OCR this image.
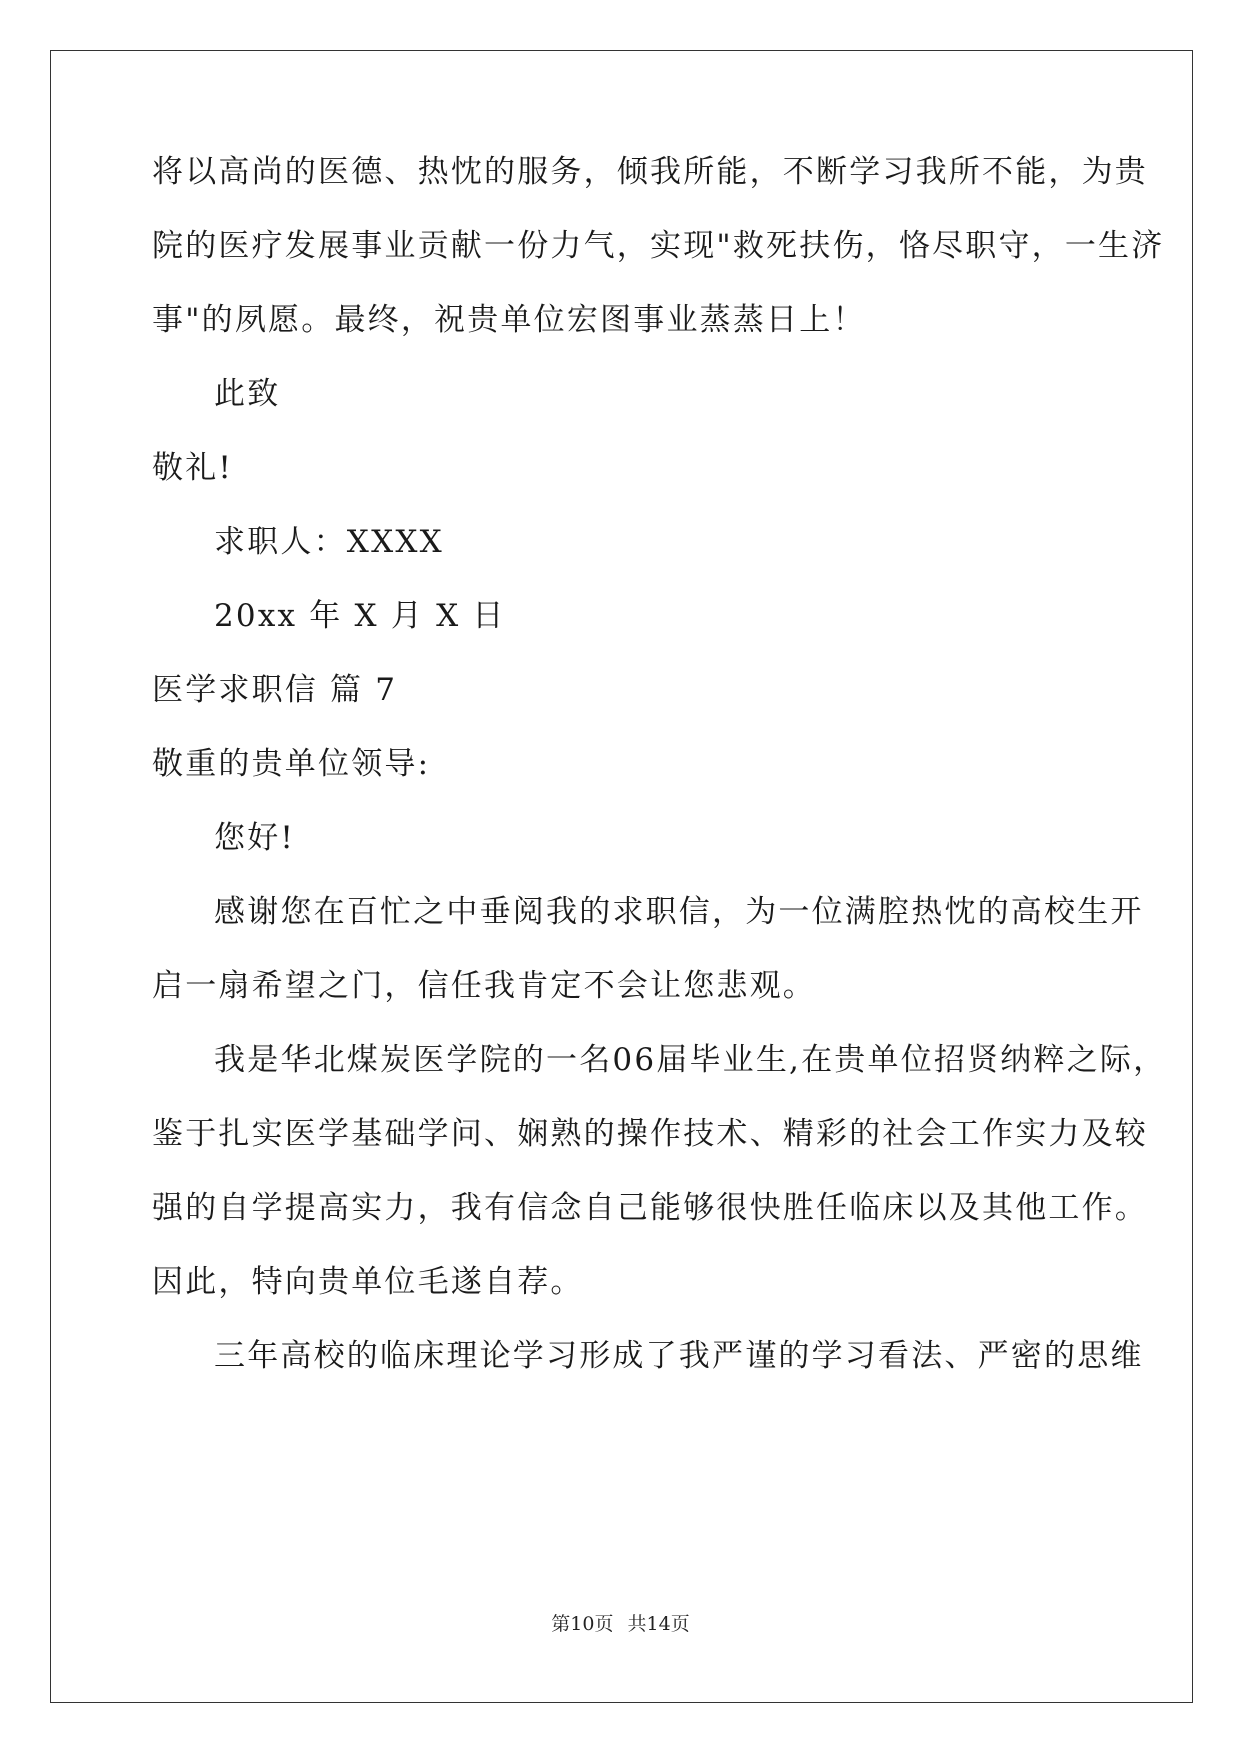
将以高尚的医德、热忱的服务，倾我所能，不断学习我所不能，为贵
院的医疗发展事业贡献一份力气，实现"救死扶伤，恪尽职守，一生济
事"的夙愿。最终，祝贵单位宏图事业蒸蒸日上！
此致
敬礼!
求职人：XXXX
20xx 年 X 月 X 日
医学求职信 篇 7
敬重的贵单位领导:
您好!
感谢您在百忙之中垂阅我的求职信，为一位满腔热忱的高校生开
启一扇希望之门，信任我肯定不会让您悲观。
我是华北煤炭医学院的一名06届毕业生,在贵单位招贤纳粹之际，
鉴于扎实医学基础学问、娴熟的操作技术、精彩的社会工作实力及较
强的自学提高实力，我有信念自己能够很快胜任临床以及其他工作。
因此，特向贵单位毛遂自荐。
三年高校的临床理论学习形成了我严谨的学习看法、严密的思维
第10页 共14页
